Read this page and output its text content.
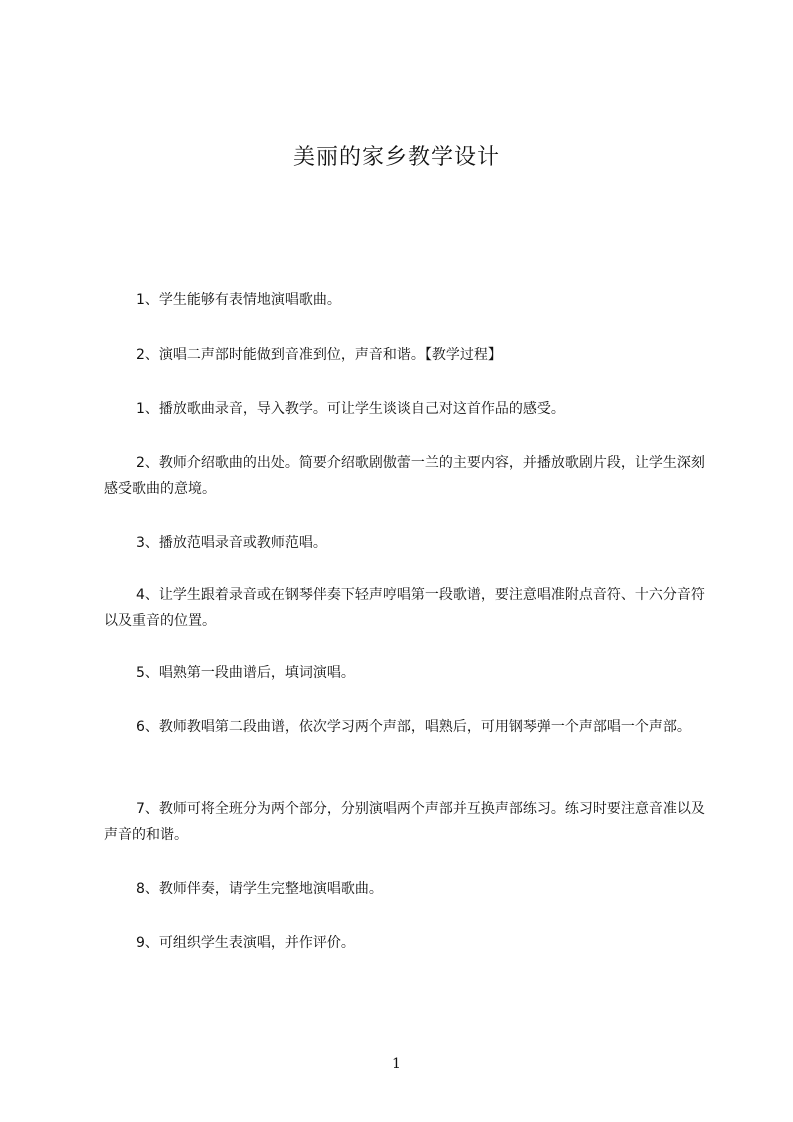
美丽的家乡教学设计

1、学生能够有表情地演唱歌曲。

2、演唱二声部时能做到音准到位，声音和谐。【教学过程】

1、播放歌曲录音，导入教学。可让学生谈谈自己对这首作品的感受。

2、教师介绍歌曲的出处。简要介绍歌剧傲蕾一兰的主要内容，并播放歌剧片段，让学生深刻感受歌曲的意境。

3、播放范唱录音或教师范唱。

4、让学生跟着录音或在钢琴伴奏下轻声哼唱第一段歌谱，要注意唱准附点音符、十六分音符以及重音的位置。

5、唱熟第一段曲谱后，填词演唱。

6、教师教唱第二段曲谱，依次学习两个声部，唱熟后，可用钢琴弹一个声部唱一个声部。

7、教师可将全班分为两个部分，分别演唱两个声部并互换声部练习。练习时要注意音准以及声音的和谐。

8、教师伴奏，请学生完整地演唱歌曲。

9、可组织学生表演唱，并作评价。

1
